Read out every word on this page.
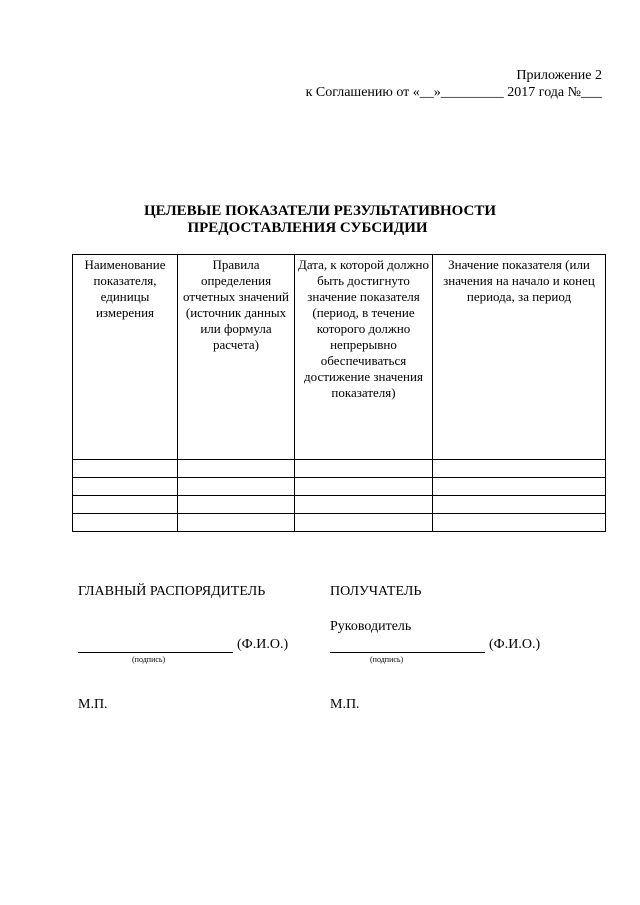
Приложение 2
к Соглашению от «__»_________ 2017 года №___
ЦЕЛЕВЫЕ ПОКАЗАТЕЛИ РЕЗУЛЬТАТИВНОСТИ
ПРЕДОСТАВЛЕНИЯ СУБСИДИИ
Наименование показателя, единицы измерения	Правила определения отчетных значений (источник данных или формула расчета)	Дата, к которой должно быть достигнуто значение показателя (период, в течение которого должно непрерывно обеспечиваться достижение значения показателя)	Значение показателя (или значения на начало и конец периода, за период

ГЛАВНЫЙ РАСПОРЯДИТЕЛЬ
(Ф.И.О.)
(подпись)
М.П.
ПОЛУЧАТЕЛЬ
Руководитель
(Ф.И.О.)
(подпись)
М.П.
